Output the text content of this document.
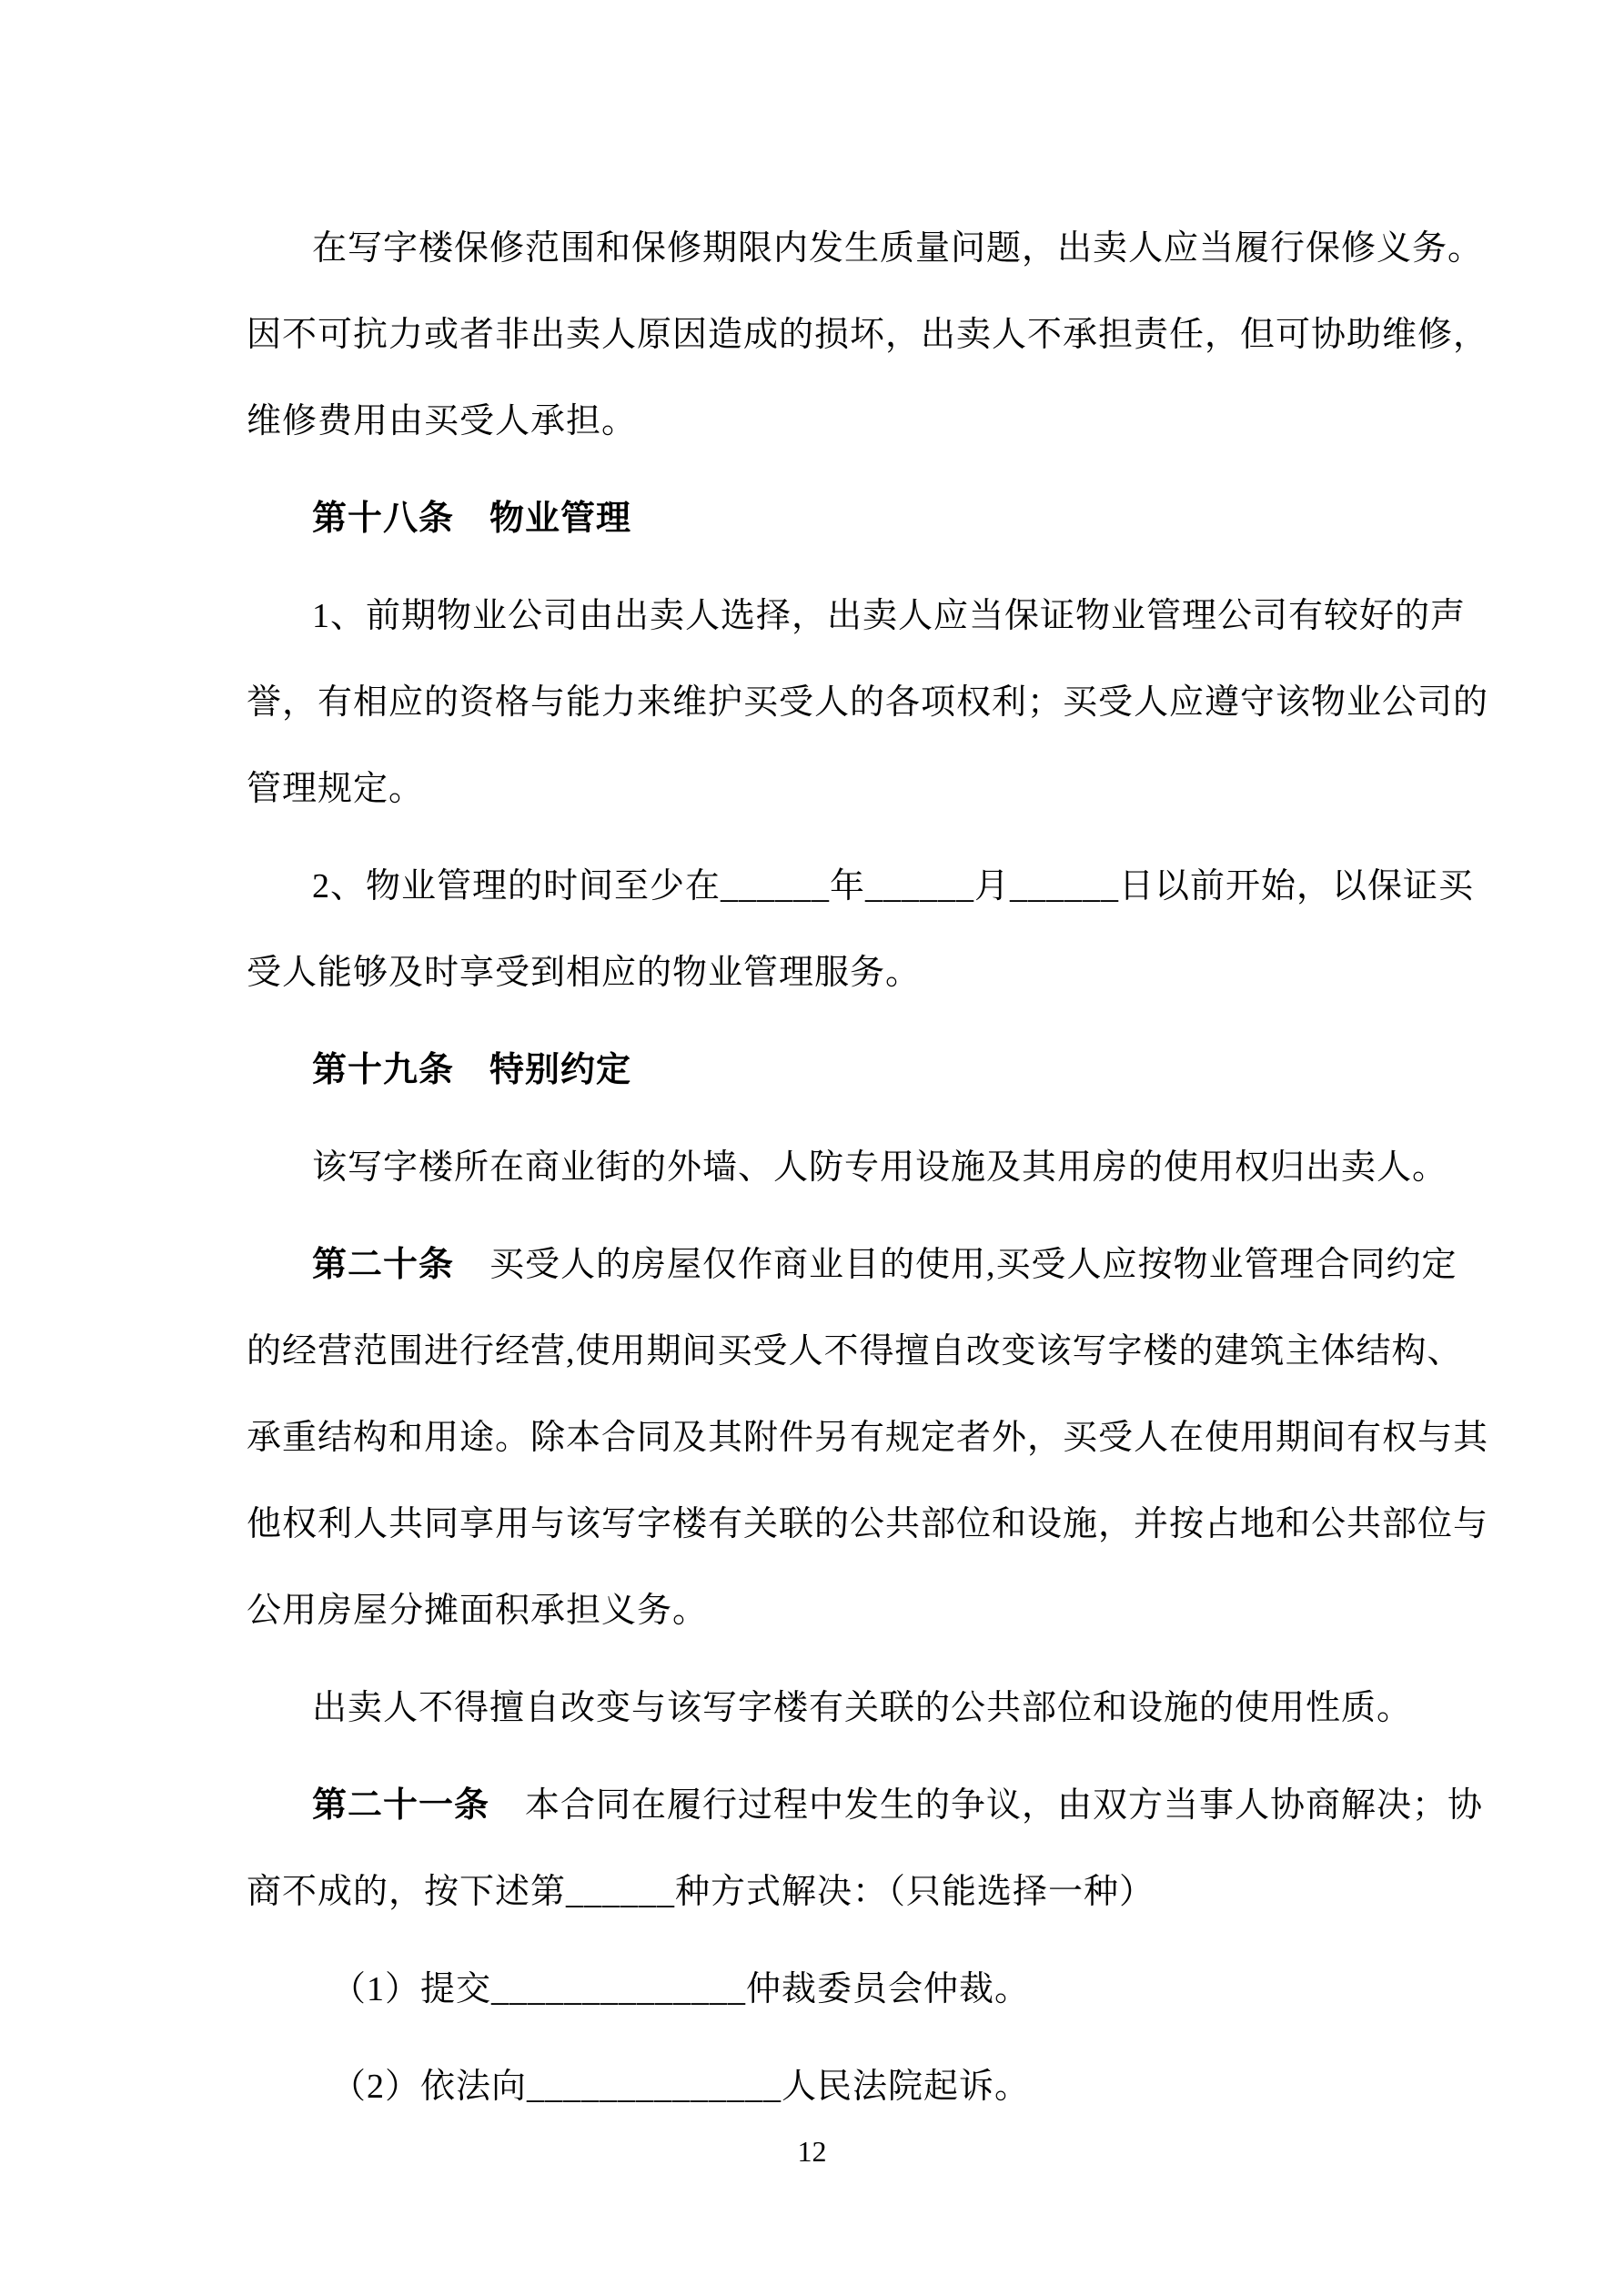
在写字楼保修范围和保修期限内发生质量问题，出卖人应当履行保修义务。
因不可抗力或者非出卖人原因造成的损坏，出卖人不承担责任，但可协助维修，
维修费用由买受人承担。
第十八条　物业管理
1、前期物业公司由出卖人选择，出卖人应当保证物业管理公司有较好的声
誉，有相应的资格与能力来维护买受人的各项权利；买受人应遵守该物业公司的
管理规定。
2、物业管理的时间至少在______年______月______日以前开始，以保证买
受人能够及时享受到相应的物业管理服务。
第十九条　特别约定
该写字楼所在商业街的外墙、人防专用设施及其用房的使用权归出卖人。
第二十条　买受人的房屋仅作商业目的使用,买受人应按物业管理合同约定
的经营范围进行经营,使用期间买受人不得擅自改变该写字楼的建筑主体结构、
承重结构和用途。除本合同及其附件另有规定者外，买受人在使用期间有权与其
他权利人共同享用与该写字楼有关联的公共部位和设施，并按占地和公共部位与
公用房屋分摊面积承担义务。
出卖人不得擅自改变与该写字楼有关联的公共部位和设施的使用性质。
第二十一条　本合同在履行过程中发生的争议，由双方当事人协商解决；协
商不成的，按下述第______种方式解决：（只能选择一种）
（1）提交______________仲裁委员会仲裁。
（2）依法向______________人民法院起诉。
12
